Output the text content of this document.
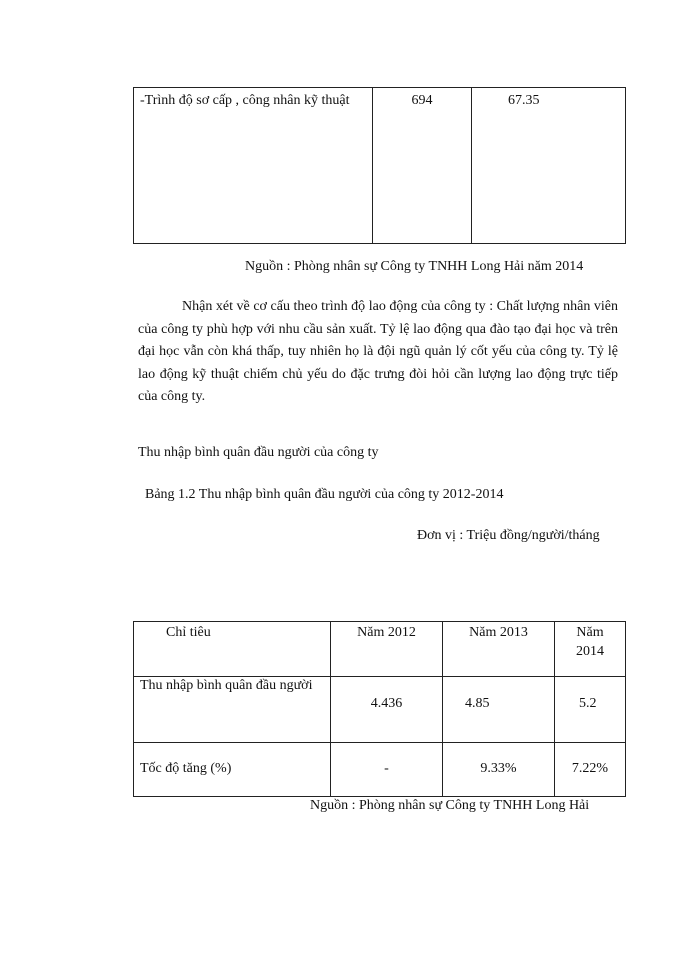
-Trình độ sơ cấp , công nhân kỹ thuật	694	67.35
Nguồn : Phòng nhân sự Công ty TNHH Long Hải năm 2014
Nhận xét về cơ cấu theo trình độ lao động của công ty : Chất lượng nhân viên của công ty phù hợp với nhu cầu sản xuất. Tỷ lệ lao động qua đào tạo đại học và trên đại học vẫn còn khá thấp, tuy nhiên họ là đội ngũ quản lý cốt yếu của công ty. Tỷ lệ lao động kỹ thuật chiếm chủ yếu do đặc trưng đòi hỏi cần lượng lao động trực tiếp của công ty.
Thu nhập bình quân đầu người của công ty
Bảng 1.2 Thu nhập bình quân đầu người của công ty 2012-2014
Đơn vị : Triệu đồng/người/tháng
Chỉ tiêu	Năm 2012	Năm 2013	Năm 2014
Thu nhập bình quân đầu người	4.436	4.85	5.2
Tốc độ tăng (%)	-	9.33%	7.22%
Nguồn : Phòng nhân sự Công ty TNHH Long Hải
